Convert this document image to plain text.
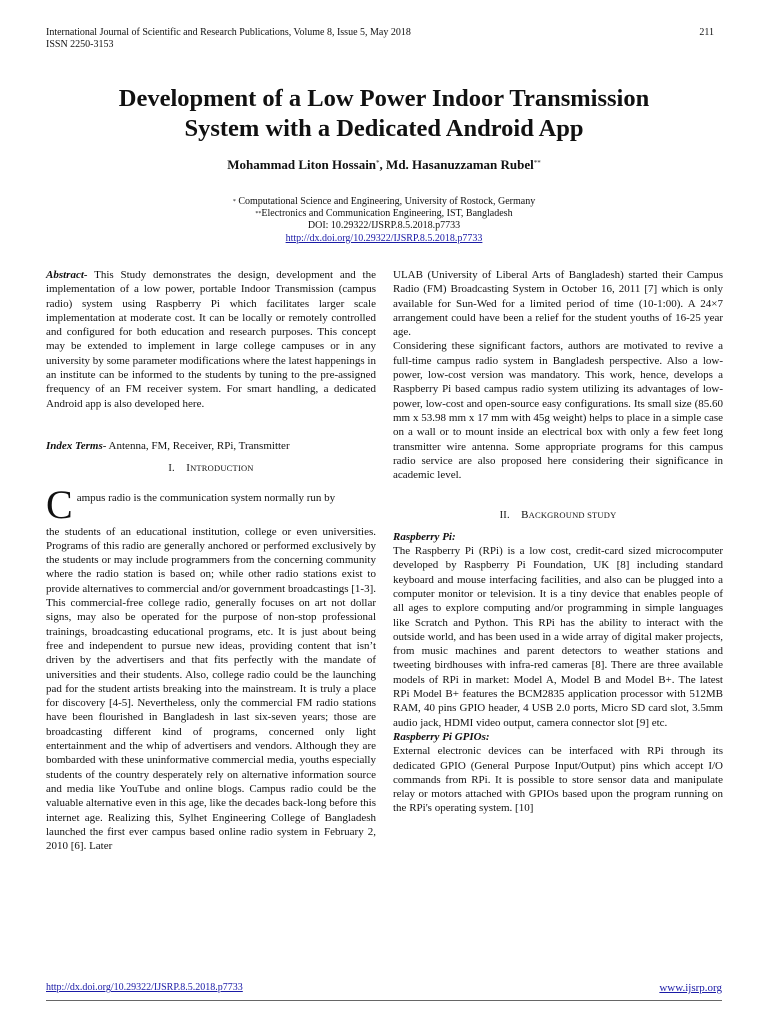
International Journal of Scientific and Research Publications, Volume 8, Issue 5, May 2018
ISSN 2250-3153
211
Development of a Low Power Indoor Transmission
System with a Dedicated Android App
Mohammad Liton Hossain*, Md. Hasanuzzaman Rubel**
* Computational Science and Engineering, University of Rostock, Germany
**Electronics and Communication Engineering, IST, Bangladesh
DOI: 10.29322/IJSRP.8.5.2018.p7733
http://dx.doi.org/10.29322/IJSRP.8.5.2018.p7733

Abstract- This Study demonstrates the design, development and the implementation of a low power, portable Indoor Transmission (campus radio) system using Raspberry Pi which facilitates larger scale implementation at moderate cost. It can be locally or remotely controlled and configured for both education and research purposes. This concept may be extended to implement in large college campuses or in any university by some parameter modifications where the latest happenings in an institute can be informed to the students by tuning to the pre-assigned frequency of an FM receiver system. For smart handling, a dedicated Android app is also developed here.

Index Terms- Antenna, FM, Receiver, RPi, Transmitter

I. INTRODUCTION
C ampus radio is the communication system normally run by

the students of an educational institution, college or even universities. Programs of this radio are generally anchored or performed exclusively by the students or may include programmers from the concerning community where the radio station is based on; while other radio stations exist to provide alternatives to commercial and/or government broadcastings [1-3]. This commercial-free college radio, generally focuses on art not dollar signs, may also be operated for the purpose of non-stop professional trainings, broadcasting educational programs, etc. It is just about being free and independent to pursue new ideas, providing content that isn’t driven by the advertisers and that fits perfectly with the mandate of universities and their students. Also, college radio could be the launching pad for the student artists breaking into the mainstream. It is truly a place for discovery [4-5]. Nevertheless, only the commercial FM radio stations have been flourished in Bangladesh in last six-seven years; those are broadcasting different kind of programs, concerned only light entertainment and the whip of advertisers and vendors. Although they are bombarded with these uninformative commercial media, youths especially students of the country desperately rely on alternative information source and media like YouTube and online blogs. Campus radio could be the valuable alternative even in this age, like the decades back-long before this internet age. Realizing this, Sylhet Engineering College of Bangladesh launched the first ever campus based online radio system in February 2, 2010 [6]. Later

ULAB (University of Liberal Arts of Bangladesh) started their Campus Radio (FM) Broadcasting System in October 16, 2011 [7] which is only available for Sun-Wed for a limited period of time (10-1:00). A 24×7 arrangement could have been a relief for the student youths of 16-25 year age.

Considering these significant factors, authors are motivated to revive a full-time campus radio system in Bangladesh perspective. Also a low-power, low-cost version was mandatory. This work, hence, develops a Raspberry Pi based campus radio system utilizing its advantages of low-power, low-cost and open-source easy configurations. Its small size (85.60 mm x 53.98 mm x 17 mm with 45g weight) helps to place in a simple case on a wall or to mount inside an electrical box with only a few feet long transmitter wire antenna. Some appropriate programs for this campus radio service are also proposed here considering their significance in academic level.

II. BACKGROUND STUDY

Raspberry Pi:

The Raspberry Pi (RPi) is a low cost, credit-card sized microcomputer developed by Raspberry Pi Foundation, UK [8] including standard keyboard and mouse interfacing facilities, and also can be plugged into a computer monitor or television. It is a tiny device that enables people of all ages to explore computing and/or programming in simple languages like Scratch and Python. This RPi has the ability to interact with the outside world, and has been used in a wide array of digital maker projects, from music machines and parent detectors to weather stations and tweeting birdhouses with infra-red cameras [8]. There are three available models of RPi in market: Model A, Model B and Model B+. The latest RPi Model B+ features the BCM2835 application processor with 512MB RAM, 40 pins GPIO header, 4 USB 2.0 ports, Micro SD card slot, 3.5mm audio jack, HDMI video output, camera connector slot [9] etc.

Raspberry Pi GPIOs:

External electronic devices can be interfaced with RPi through its dedicated GPIO (General Purpose Input/Output) pins which accept I/O commands from RPi. It is possible to store sensor data and manipulate relay or motors attached with GPIOs based upon the program running on the RPi's operating system. [10]

http://dx.doi.org/10.29322/IJSRP.8.5.2018.p7733	www.ijsrp.org
